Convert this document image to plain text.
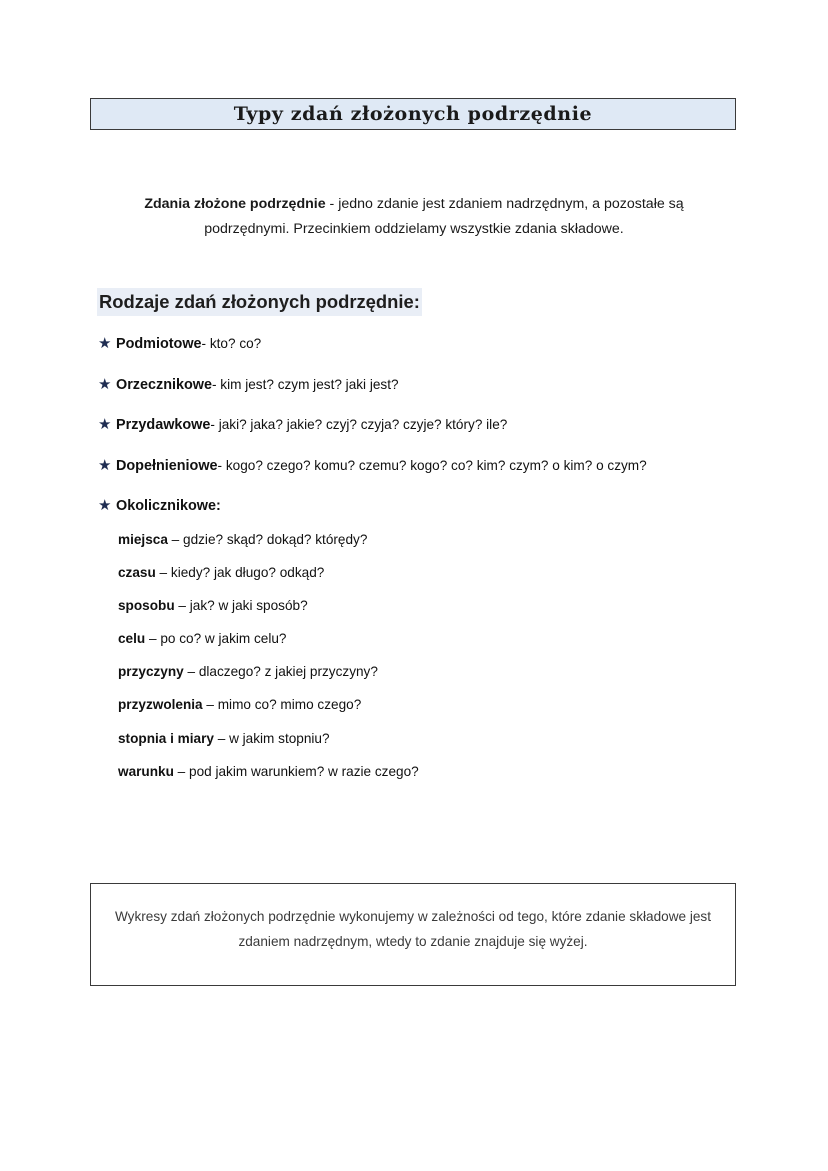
Typy zdań złożonych podrzędnie

Zdania złożone podrzędnie - jedno zdanie jest zdaniem nadrzędnym, a pozostałe są podrzędnymi. Przecinkiem oddzielamy wszystkie zdania składowe.

Rodzaje zdań złożonych podrzędnie:
★ Podmiotowe - kto? co?
★ Orzecznikowe - kim jest? czym jest? jaki jest?
★ Przydawkowe - jaki? jaka? jakie? czyj? czyja? czyje? który? ile?
★ Dopełnieniowe - kogo? czego? komu? czemu? kogo? co? kim? czym? o kim? o czym?
★ Okolicznikowe:
miejsca – gdzie? skąd? dokąd? którędy?
czasu – kiedy? jak długo? odkąd?
sposobu – jak? w jaki sposób?
celu – po co? w jakim celu?
przyczyny – dlaczego? z jakiej przyczyny?
przyzwolenia – mimo co? mimo czego?
stopnia i miary – w jakim stopniu?
warunku – pod jakim warunkiem? w razie czego?

Wykresy zdań złożonych podrzędnie wykonujemy w zależności od tego, które zdanie składowe jest zdaniem nadrzędnym, wtedy to zdanie znajduje się wyżej.
